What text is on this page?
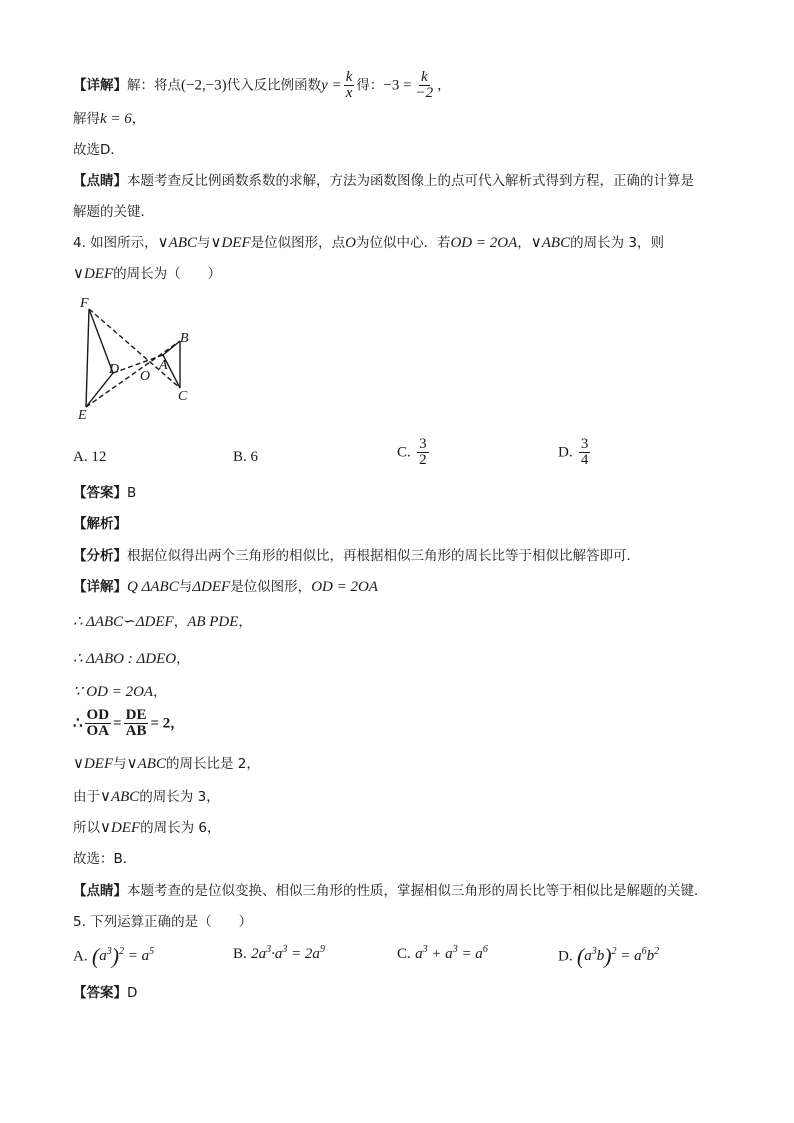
【详解】解：将点(−2,−3)代入反比例函数$y = \frac{k}{x}$ 得：$-3 = \frac{k}{-2}$ ，
解得k = 6，
故选D．
【点睛】本题考查反比例函数系数的求解，方法为函数图像上的点可代入解析式得到方程，正确的计算是
解题的关键．
4. 如图所示，∨ABC与∨DEF是位似图形，点O为位似中心．若OD = 2OA，∨ABC的周长为 3，则
∨DEF的周长为（　　）
F
B
D O
A
C
E
A. 12	B. 6	C. $\frac{3}{2}$	D. $\frac{3}{4}$
【答案】B
【解析】
【分析】根据位似得出两个三角形的相似比，再根据相似三角形的周长比等于相似比解答即可．
【详解】Q ΔABC与ΔDEF是位似图形，OD = 2OA
∴ ΔABC∽ΔDEF，AB PDE，
∴ ΔABO : ΔDEO，
∵ OD = 2OA，
∴ $\frac{OD}{OA} = \frac{DE}{AB} = 2$，
∨DEF与∨ABC的周长比是 2，
由于∨ABC的周长为 3，
所以∨DEF的周长为 6，
故选：B．
【点睛】本题考查的是位似变换、相似三角形的性质，掌握相似三角形的周长比等于相似比是解题的关键．
5. 下列运算正确的是（　　）
A. $(a^3)^2 = a^5$	B. $2a^3\cdot a^3 = 2a^9$	C. $a^3 + a^3 = a^6$	D. $(a^3b)^2 = a^6b^2$
【答案】D
